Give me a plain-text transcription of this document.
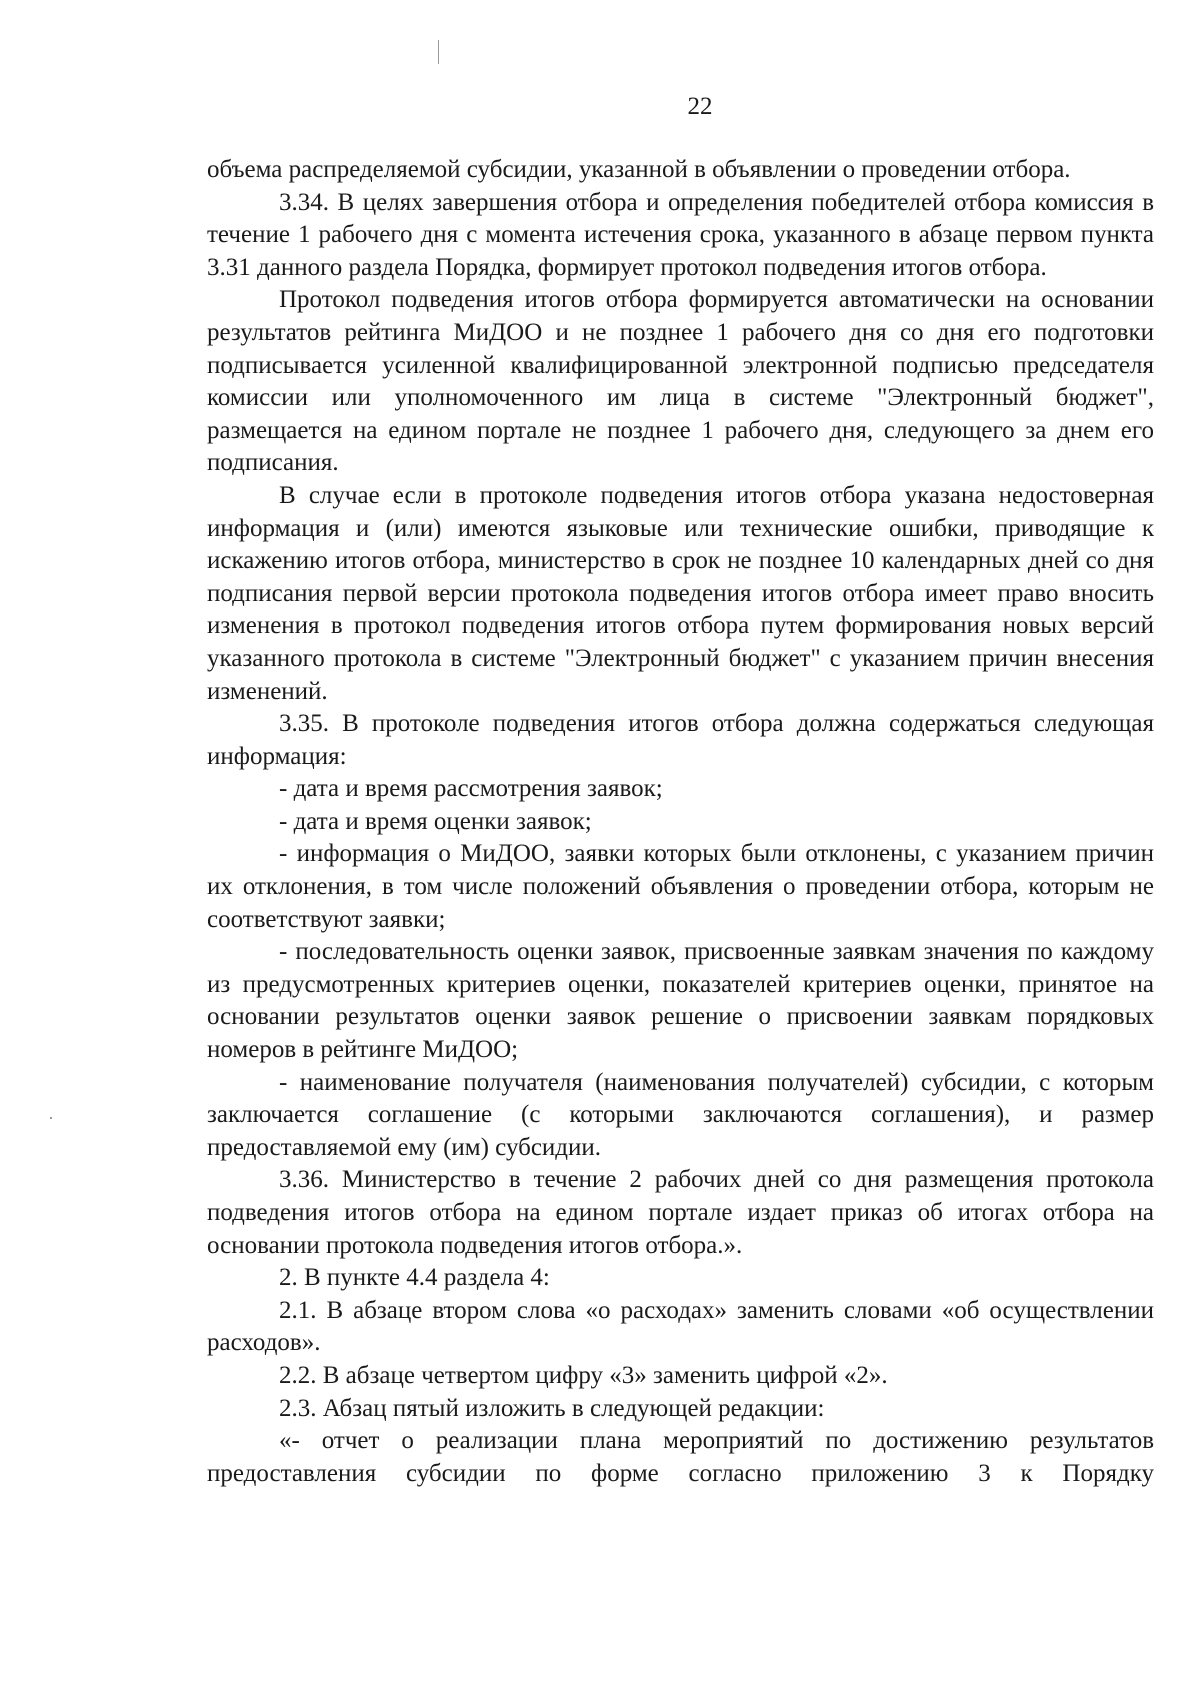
22

объема распределяемой субсидии, указанной в объявлении о проведении отбора.

3.34. В целях завершения отбора и определения победителей отбора комиссия в течение 1 рабочего дня с момента истечения срока, указанного в абзаце первом пункта 3.31 данного раздела Порядка, формирует протокол подведения итогов отбора.

Протокол подведения итогов отбора формируется автоматически на основании результатов рейтинга МиДОО и не позднее 1 рабочего дня со дня его подготовки подписывается усиленной квалифицированной электронной подписью председателя комиссии или уполномоченного им лица в системе "Электронный бюджет", размещается на едином портале не позднее 1 рабочего дня, следующего за днем его подписания.

В случае если в протоколе подведения итогов отбора указана недостоверная информация и (или) имеются языковые или технические ошибки, приводящие к искажению итогов отбора, министерство в срок не позднее 10 календарных дней со дня подписания первой версии протокола подведения итогов отбора имеет право вносить изменения в протокол подведения итогов отбора путем формирования новых версий указанного протокола в системе "Электронный бюджет" с указанием причин внесения изменений.

3.35. В протоколе подведения итогов отбора должна содержаться следующая информация:

- дата и время рассмотрения заявок;

- дата и время оценки заявок;

- информация о МиДОО, заявки которых были отклонены, с указанием причин их отклонения, в том числе положений объявления о проведении отбора, которым не соответствуют заявки;

- последовательность оценки заявок, присвоенные заявкам значения по каждому из предусмотренных критериев оценки, показателей критериев оценки, принятое на основании результатов оценки заявок решение о присвоении заявкам порядковых номеров в рейтинге МиДОО;

- наименование получателя (наименования получателей) субсидии, с которым заключается соглашение (с которыми заключаются соглашения), и размер предоставляемой ему (им) субсидии.

3.36. Министерство в течение 2 рабочих дней со дня размещения протокола подведения итогов отбора на едином портале издает приказ об итогах отбора на основании протокола подведения итогов отбора.».

2. В пункте 4.4 раздела 4:

2.1. В абзаце втором слова «о расходах» заменить словами «об осуществлении расходов».

2.2. В абзаце четвертом цифру «3» заменить цифрой «2».

2.3. Абзац пятый изложить в следующей редакции:

«- отчет о реализации плана мероприятий по достижению результатов предоставления субсидии по форме согласно приложению 3 к Порядку
